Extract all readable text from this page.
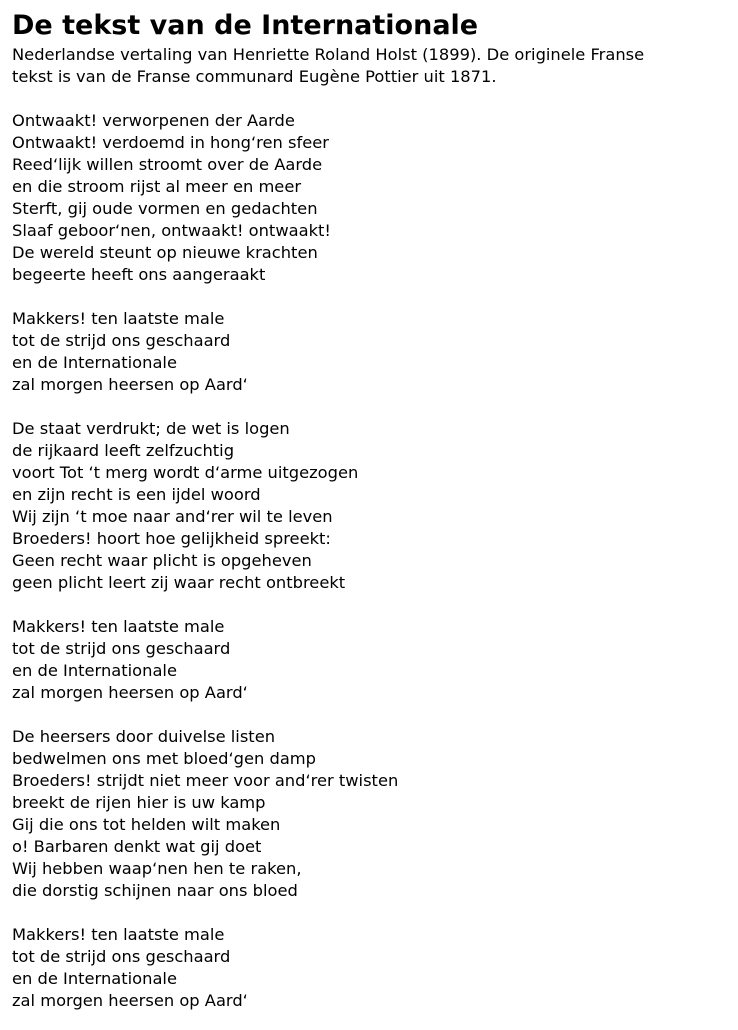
De tekst van de Internationale
Nederlandse vertaling van Henriette Roland Holst (1899). De originele Franse
tekst is van de Franse communard Eugène Pottier uit 1871.
Ontwaakt! verworpenen der Aarde
Ontwaakt! verdoemd in hong‘ren sfeer
Reed‘lijk willen stroomt over de Aarde
en die stroom rijst al meer en meer
Sterft, gij oude vormen en gedachten
Slaaf geboor‘nen, ontwaakt! ontwaakt!
De wereld steunt op nieuwe krachten
begeerte heeft ons aangeraakt
Makkers! ten laatste male
tot de strijd ons geschaard
en de Internationale
zal morgen heersen op Aard‘
De staat verdrukt; de wet is logen
de rijkaard leeft zelfzuchtig
voort Tot ‘t merg wordt d‘arme uitgezogen
en zijn recht is een ijdel woord
Wij zijn ‘t moe naar and‘rer wil te leven
Broeders! hoort hoe gelijkheid spreekt:
Geen recht waar plicht is opgeheven
geen plicht leert zij waar recht ontbreekt
Makkers! ten laatste male
tot de strijd ons geschaard
en de Internationale
zal morgen heersen op Aard‘
De heersers door duivelse listen
bedwelmen ons met bloed‘gen damp
Broeders! strijdt niet meer voor and‘rer twisten
breekt de rijen hier is uw kamp
Gij die ons tot helden wilt maken
o! Barbaren denkt wat gij doet
Wij hebben waap‘nen hen te raken,
die dorstig schijnen naar ons bloed
Makkers! ten laatste male
tot de strijd ons geschaard
en de Internationale
zal morgen heersen op Aard‘
